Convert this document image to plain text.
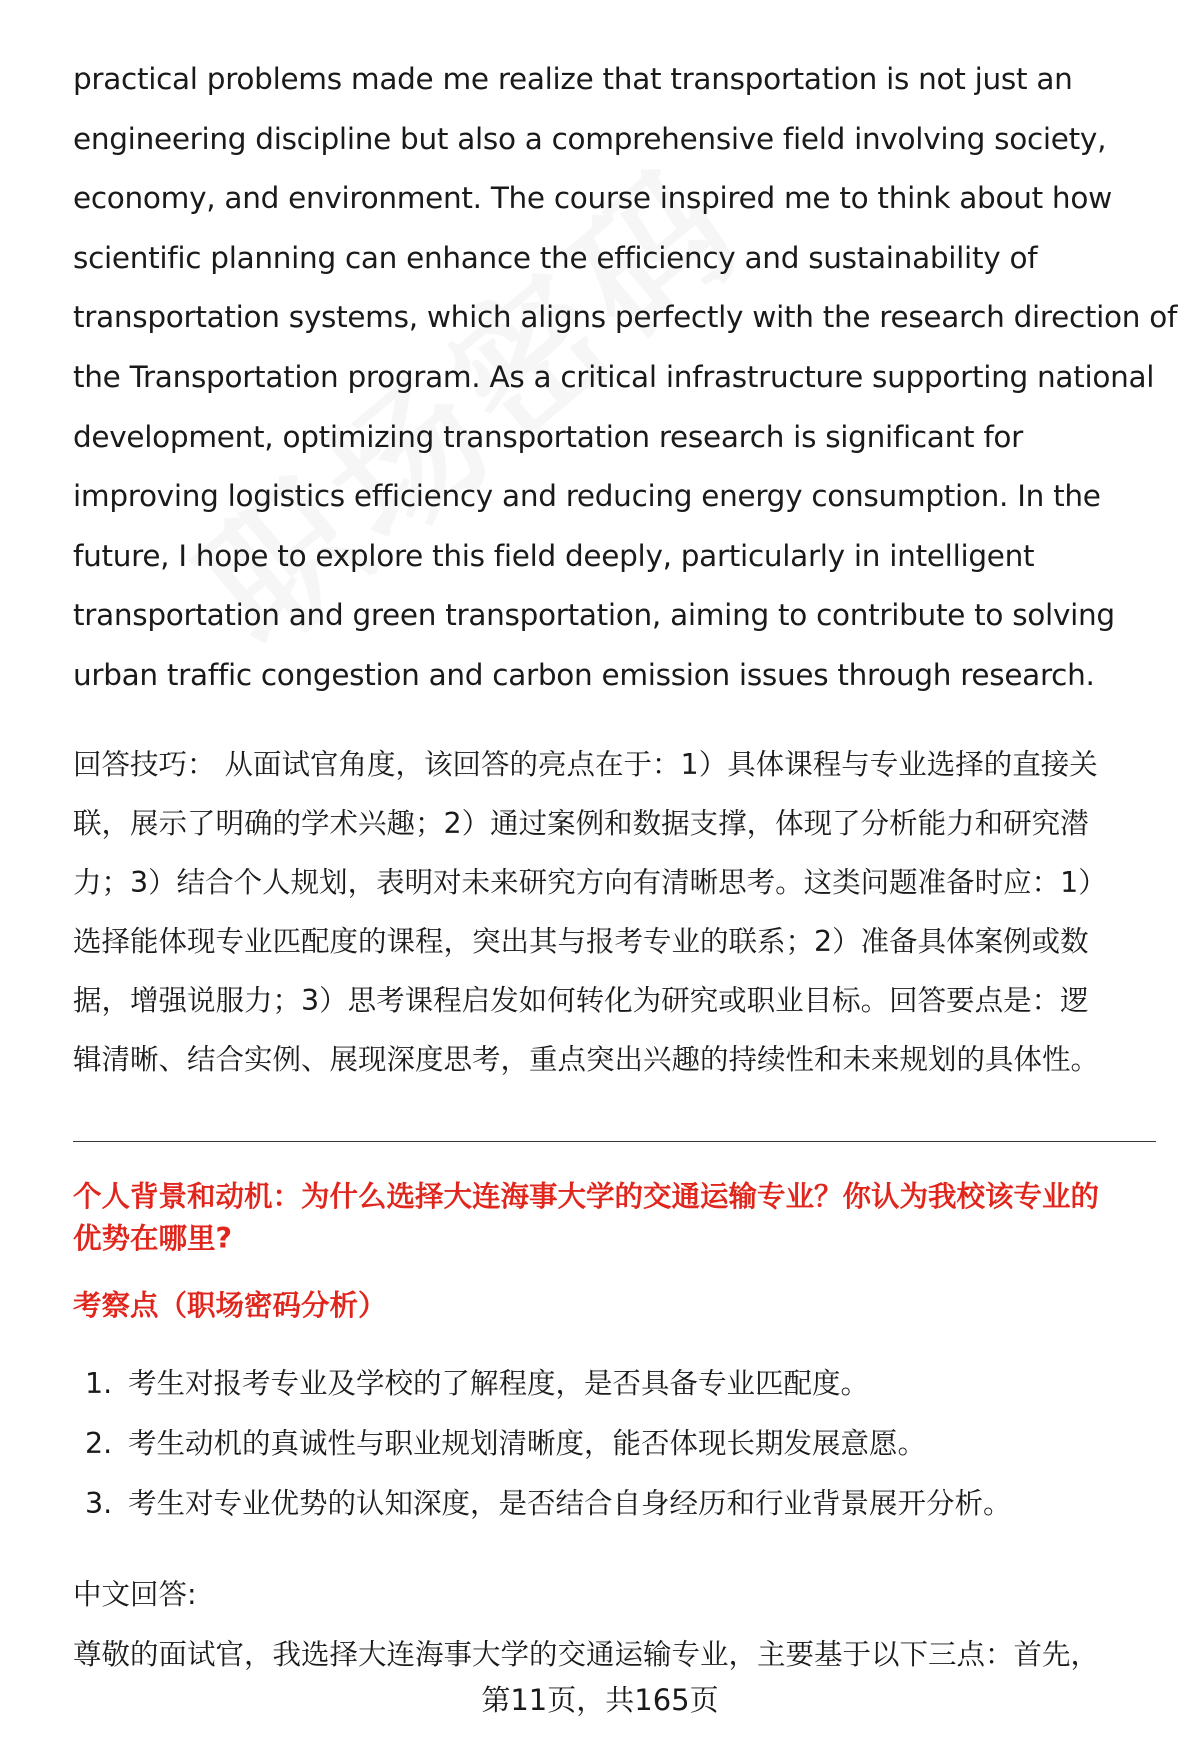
practical problems made me realize that transportation is not just an
engineering discipline but also a comprehensive field involving society,
economy, and environment. The course inspired me to think about how
scientific planning can enhance the efficiency and sustainability of
transportation systems, which aligns perfectly with the research direction of
the Transportation program. As a critical infrastructure supporting national
development, optimizing transportation research is significant for
improving logistics efficiency and reducing energy consumption. In the
future, I hope to explore this field deeply, particularly in intelligent
transportation and green transportation, aiming to contribute to solving
urban traffic congestion and carbon emission issues through research.
回答技巧： 从面试官角度，该回答的亮点在于：1）具体课程与专业选择的直接关
联，展示了明确的学术兴趣；2）通过案例和数据支撑，体现了分析能力和研究潜
力；3）结合个人规划，表明对未来研究方向有清晰思考。这类问题准备时应：1）
选择能体现专业匹配度的课程，突出其与报考专业的联系；2）准备具体案例或数
据，增强说服力；3）思考课程启发如何转化为研究或职业目标。回答要点是：逻
辑清晰、结合实例、展现深度思考，重点突出兴趣的持续性和未来规划的具体性。
个人背景和动机：为什么选择大连海事大学的交通运输专业？你认为我校该专业的
优势在哪里?
考察点（职场密码分析）
1. 考生对报考专业及学校的了解程度，是否具备专业匹配度。
2. 考生动机的真诚性与职业规划清晰度，能否体现长期发展意愿。
3. 考生对专业优势的认知深度，是否结合自身经历和行业背景展开分析。
中文回答:
尊敬的面试官，我选择大连海事大学的交通运输专业，主要基于以下三点：首先，
第11页，共165页
